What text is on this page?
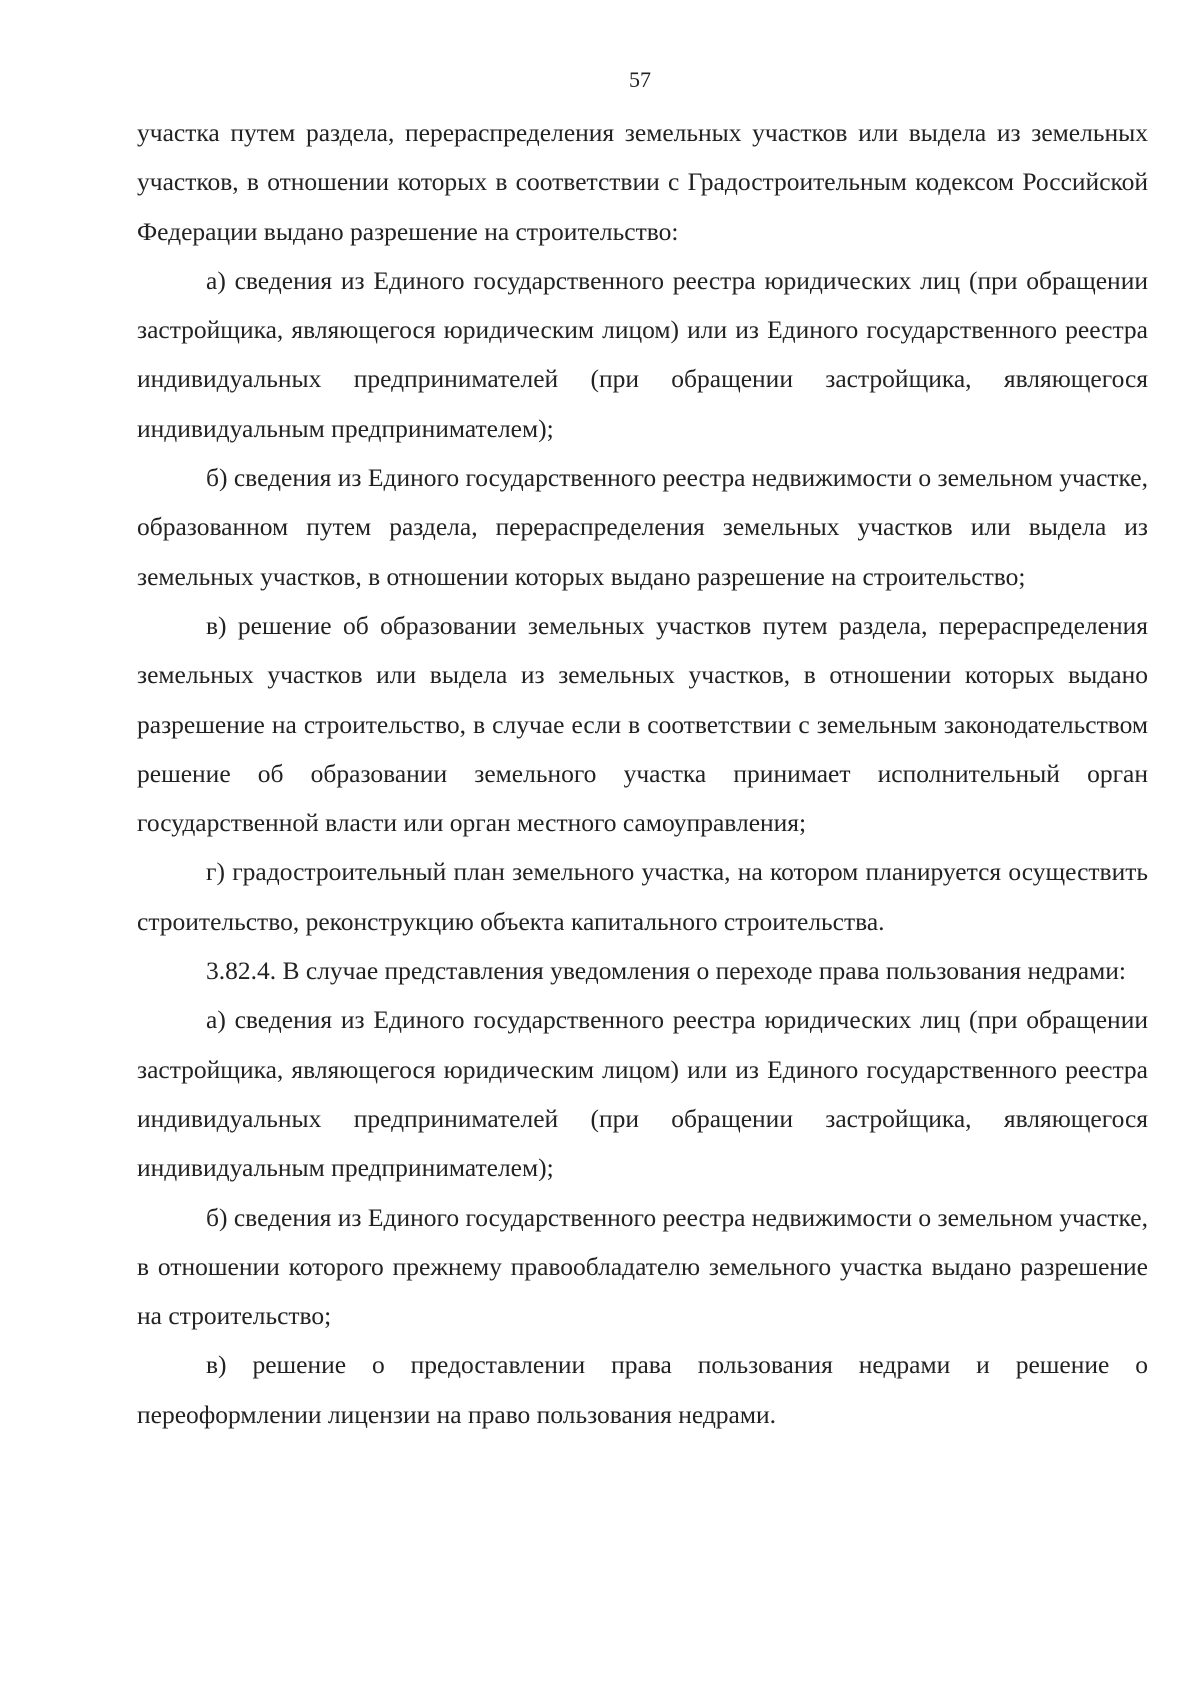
57

участка путем раздела, перераспределения земельных участков или выдела из земельных участков, в отношении которых в соответствии с Градостроительным кодексом Российской Федерации выдано разрешение на строительство:

а) сведения из Единого государственного реестра юридических лиц (при обращении застройщика, являющегося юридическим лицом) или из Единого государственного реестра индивидуальных предпринимателей (при обращении застройщика, являющегося индивидуальным предпринимателем);

б) сведения из Единого государственного реестра недвижимости о земельном участке, образованном путем раздела, перераспределения земельных участков или выдела из земельных участков, в отношении которых выдано разрешение на строительство;

в) решение об образовании земельных участков путем раздела, перераспределения земельных участков или выдела из земельных участков, в отношении которых выдано разрешение на строительство, в случае если в соответствии с земельным законодательством решение об образовании земельного участка принимает исполнительный орган государственной власти или орган местного самоуправления;

г) градостроительный план земельного участка, на котором планируется осуществить строительство, реконструкцию объекта капитального строительства.

3.82.4. В случае представления уведомления о переходе права пользования недрами:

а) сведения из Единого государственного реестра юридических лиц (при обращении застройщика, являющегося юридическим лицом) или из Единого государственного реестра индивидуальных предпринимателей (при обращении застройщика, являющегося индивидуальным предпринимателем);

б) сведения из Единого государственного реестра недвижимости о земельном участке, в отношении которого прежнему правообладателю земельного участка выдано разрешение на строительство;

в) решение о предоставлении права пользования недрами и решение о переоформлении лицензии на право пользования недрами.
